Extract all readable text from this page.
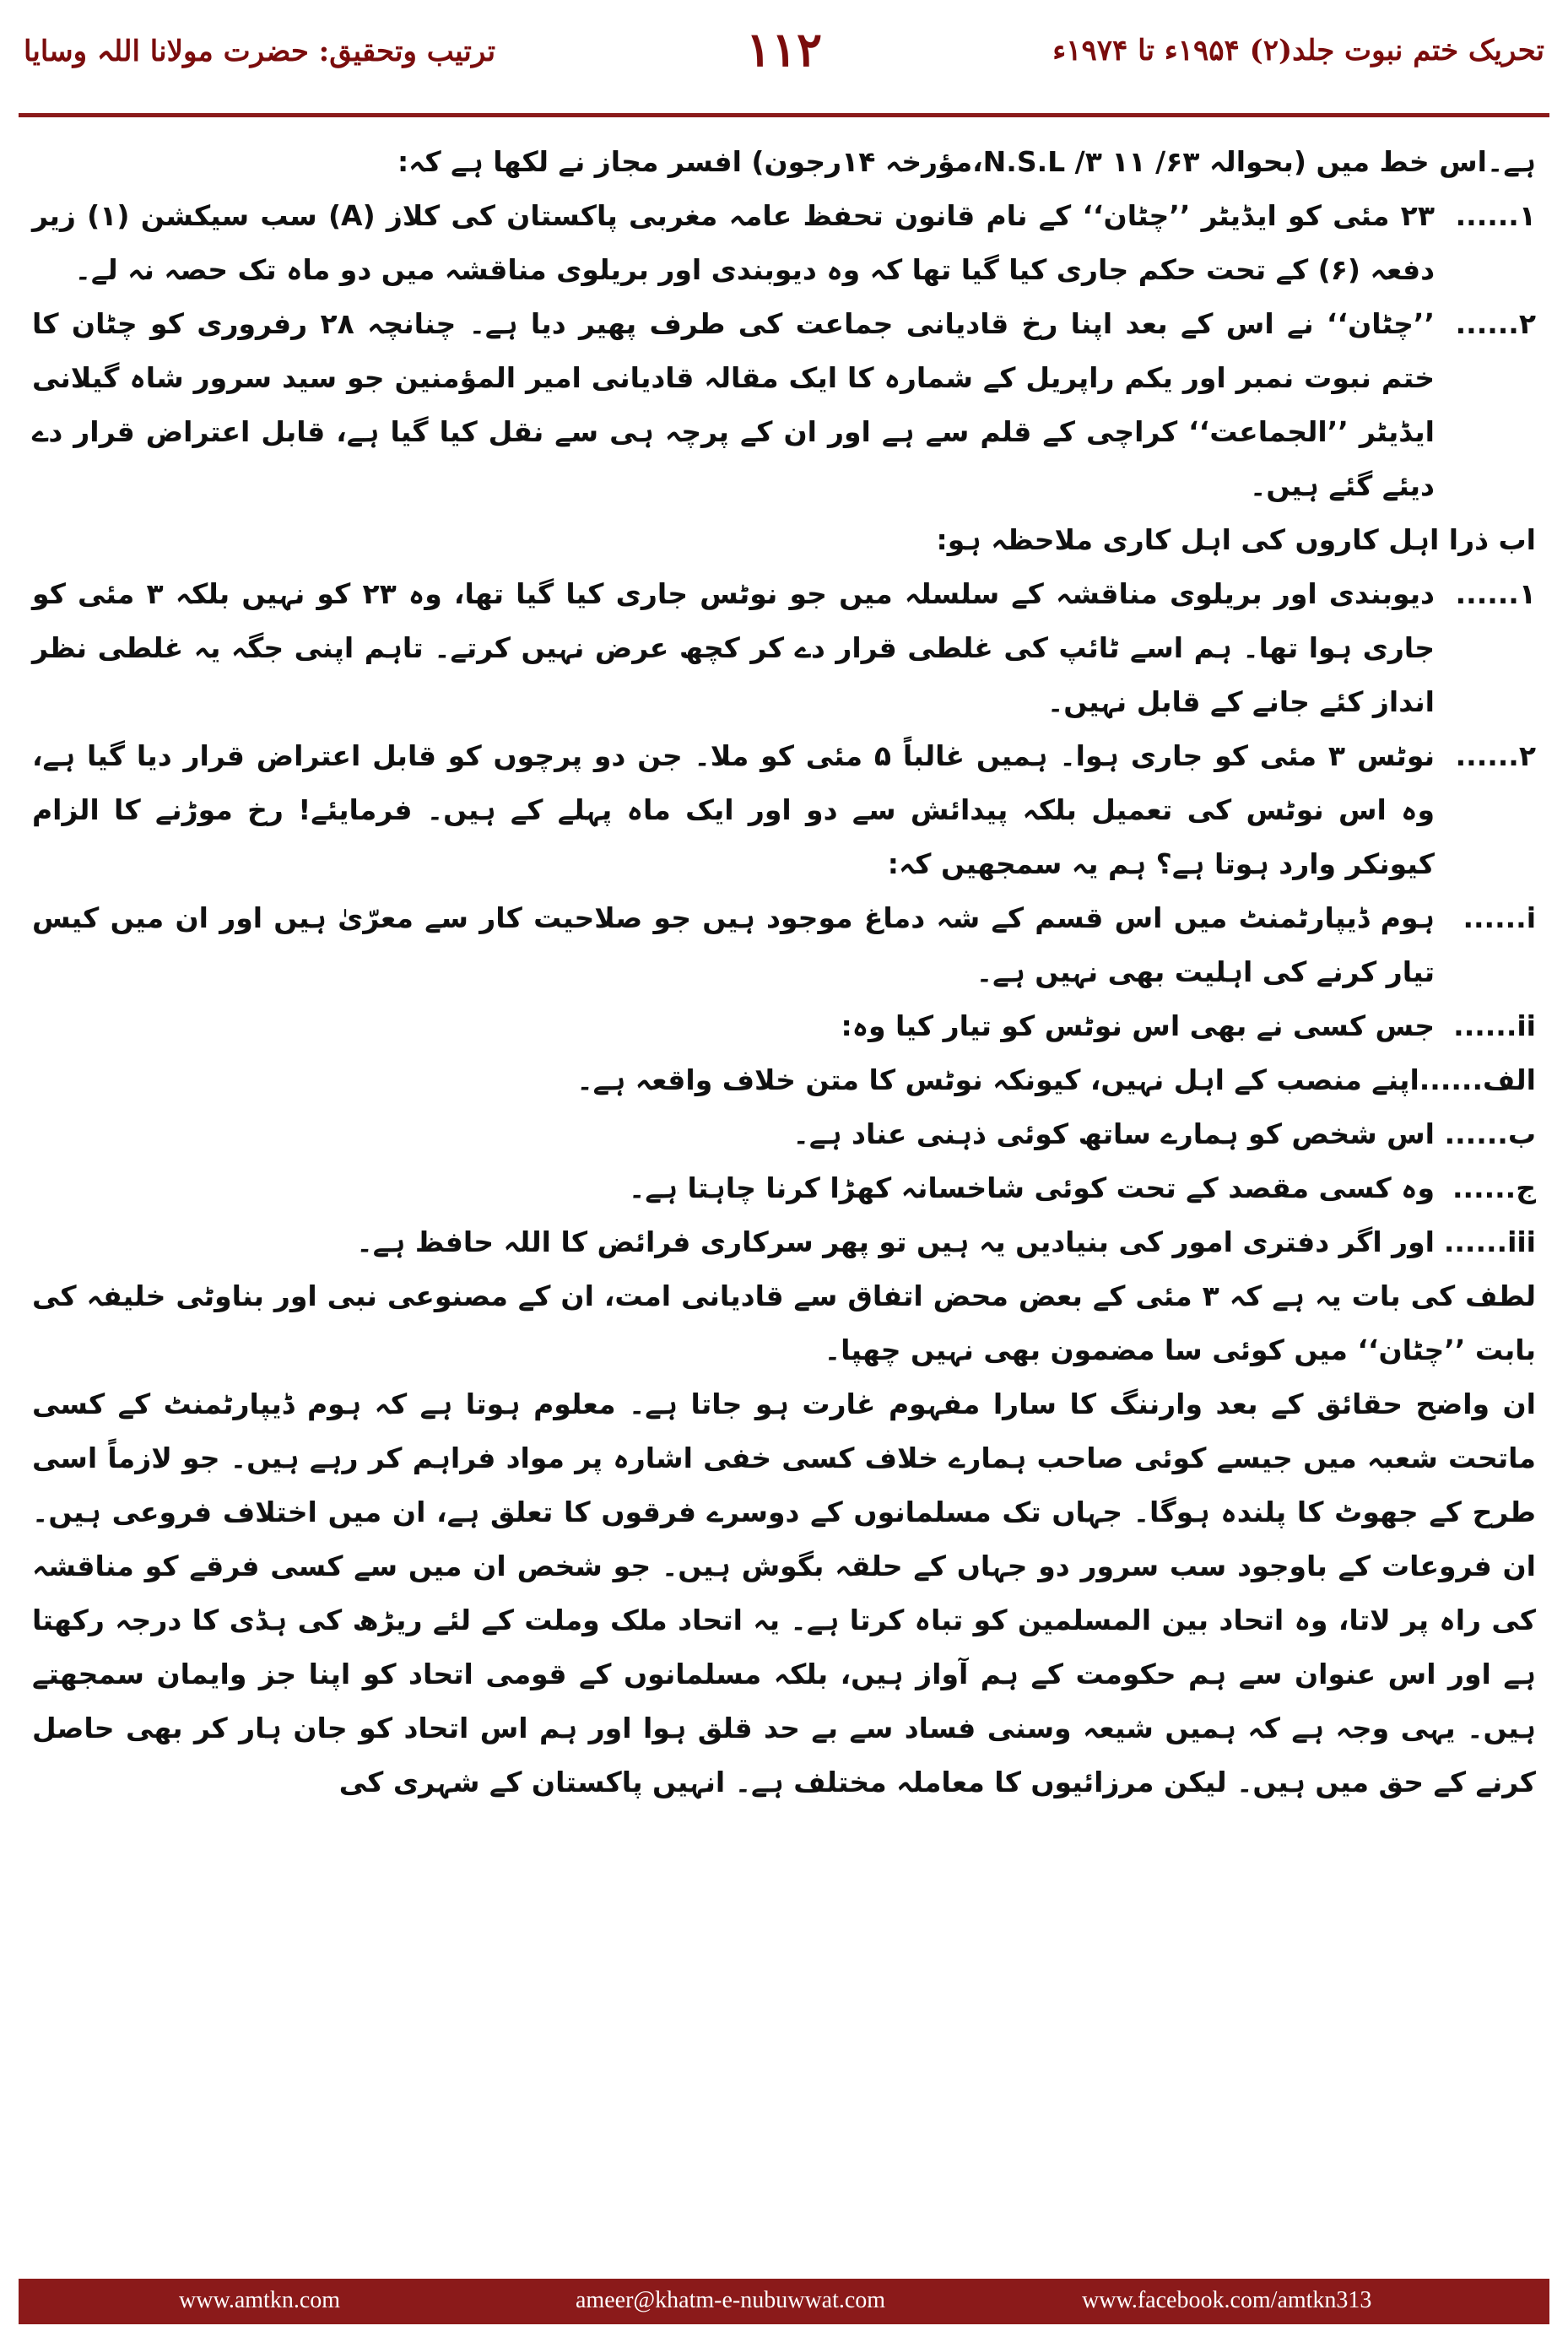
تحریک ختم نبوت جلد(۲) ۱۹۵۴ء تا ۱۹۷۴ء
۱۱۲
ترتیب وتحقیق: حضرت مولانا اللہ وسایا

ہے۔اس خط میں (بحوالہ ۶۳/ ۱۱ N.S.L /۳،مؤرخہ ۱۴رجون) افسر مجاز نے لکھا ہے کہ:

۱......
۲۳ مئی کو ایڈیٹر ’’چٹان‘‘ کے نام قانون تحفظ عامہ مغربی پاکستان کی کلاز (A) سب سیکشن (۱) زیر دفعہ (۶) کے تحت حکم جاری کیا گیا تھا کہ وہ دیوبندی اور بریلوی مناقشہ میں دو ماہ تک حصہ نہ لے۔
۲......
’’چٹان‘‘ نے اس کے بعد اپنا رخ قادیانی جماعت کی طرف پھیر دیا ہے۔ چنانچہ ۲۸ رفروری کو چٹان کا ختم نبوت نمبر اور یکم راپریل کے شمارہ کا ایک مقالہ قادیانی امیر المؤمنین جو سید سرور شاہ گیلانی ایڈیٹر ’’الجماعت‘‘ کراچی کے قلم سے ہے اور ان کے پرچہ ہی سے نقل کیا گیا ہے، قابل اعتراض قرار دے دیئے گئے ہیں۔

اب ذرا اہل کاروں کی اہل کاری ملاحظہ ہو:

۱......
دیوبندی اور بریلوی مناقشہ کے سلسلہ میں جو نوٹس جاری کیا گیا تھا، وہ ۲۳ کو نہیں بلکہ ۳ مئی کو جاری ہوا تھا۔ ہم اسے ٹائپ کی غلطی قرار دے کر کچھ عرض نہیں کرتے۔ تاہم اپنی جگہ یہ غلطی نظر انداز کئے جانے کے قابل نہیں۔
۲......
نوٹس ۳ مئی کو جاری ہوا۔ ہمیں غالباً ۵ مئی کو ملا۔ جن دو پرچوں کو قابل اعتراض قرار دیا گیا ہے، وہ اس نوٹس کی تعمیل بلکہ پیدائش سے دو اور ایک ماہ پہلے کے ہیں۔ فرمایئے! رخ موڑنے کا الزام کیونکر وارد ہوتا ہے؟ ہم یہ سمجھیں کہ:
i......
ہوم ڈیپارٹمنٹ میں اس قسم کے شہ دماغ موجود ہیں جو صلاحیت کار سے معرّیٰ ہیں اور ان میں کیس تیار کرنے کی اہلیت بھی نہیں ہے۔
ii......
جس کسی نے بھی اس نوٹس کو تیار کیا وہ:
الف......
اپنے منصب کے اہل نہیں، کیونکہ نوٹس کا متن خلاف واقعہ ہے۔
ب......
اس شخص کو ہمارے ساتھ کوئی ذہنی عناد ہے۔
ج......
وہ کسی مقصد کے تحت کوئی شاخسانہ کھڑا کرنا چاہتا ہے۔
iii......
اور اگر دفتری امور کی بنیادیں یہ ہیں تو پھر سرکاری فرائض کا اللہ حافظ ہے۔

لطف کی بات یہ ہے کہ ۳ مئی کے بعض محض اتفاق سے قادیانی امت، ان کے مصنوعی نبی اور بناوٹی خلیفہ کی بابت ’’چٹان‘‘ میں کوئی سا مضمون بھی نہیں چھپا۔

ان واضح حقائق کے بعد وارننگ کا سارا مفہوم غارت ہو جاتا ہے۔ معلوم ہوتا ہے کہ ہوم ڈیپارٹمنٹ کے کسی ماتحت شعبہ میں جیسے کوئی صاحب ہمارے خلاف کسی خفی اشارہ پر مواد فراہم کر رہے ہیں۔ جو لازماً اسی طرح کے جھوٹ کا پلندہ ہوگا۔ جہاں تک مسلمانوں کے دوسرے فرقوں کا تعلق ہے، ان میں اختلاف فروعی ہیں۔ ان فروعات کے باوجود سب سرور دو جہاں کے حلقہ بگوش ہیں۔ جو شخص ان میں سے کسی فرقے کو مناقشہ کی راہ پر لاتا، وہ اتحاد بین المسلمین کو تباہ کرتا ہے۔ یہ اتحاد ملک وملت کے لئے ریڑھ کی ہڈی کا درجہ رکھتا ہے اور اس عنوان سے ہم حکومت کے ہم آواز ہیں، بلکہ مسلمانوں کے قومی اتحاد کو اپنا جز وایمان سمجھتے ہیں۔ یہی وجہ ہے کہ ہمیں شیعہ وسنی فساد سے بے حد قلق ہوا اور ہم اس اتحاد کو جان ہار کر بھی حاصل کرنے کے حق میں ہیں۔ لیکن مرزائیوں کا معاملہ مختلف ہے۔ انہیں پاکستان کے شہری کی

www.amtkn.com	ameer@khatm-e-nubuwwat.com	www.facebook.com/amtkn313
